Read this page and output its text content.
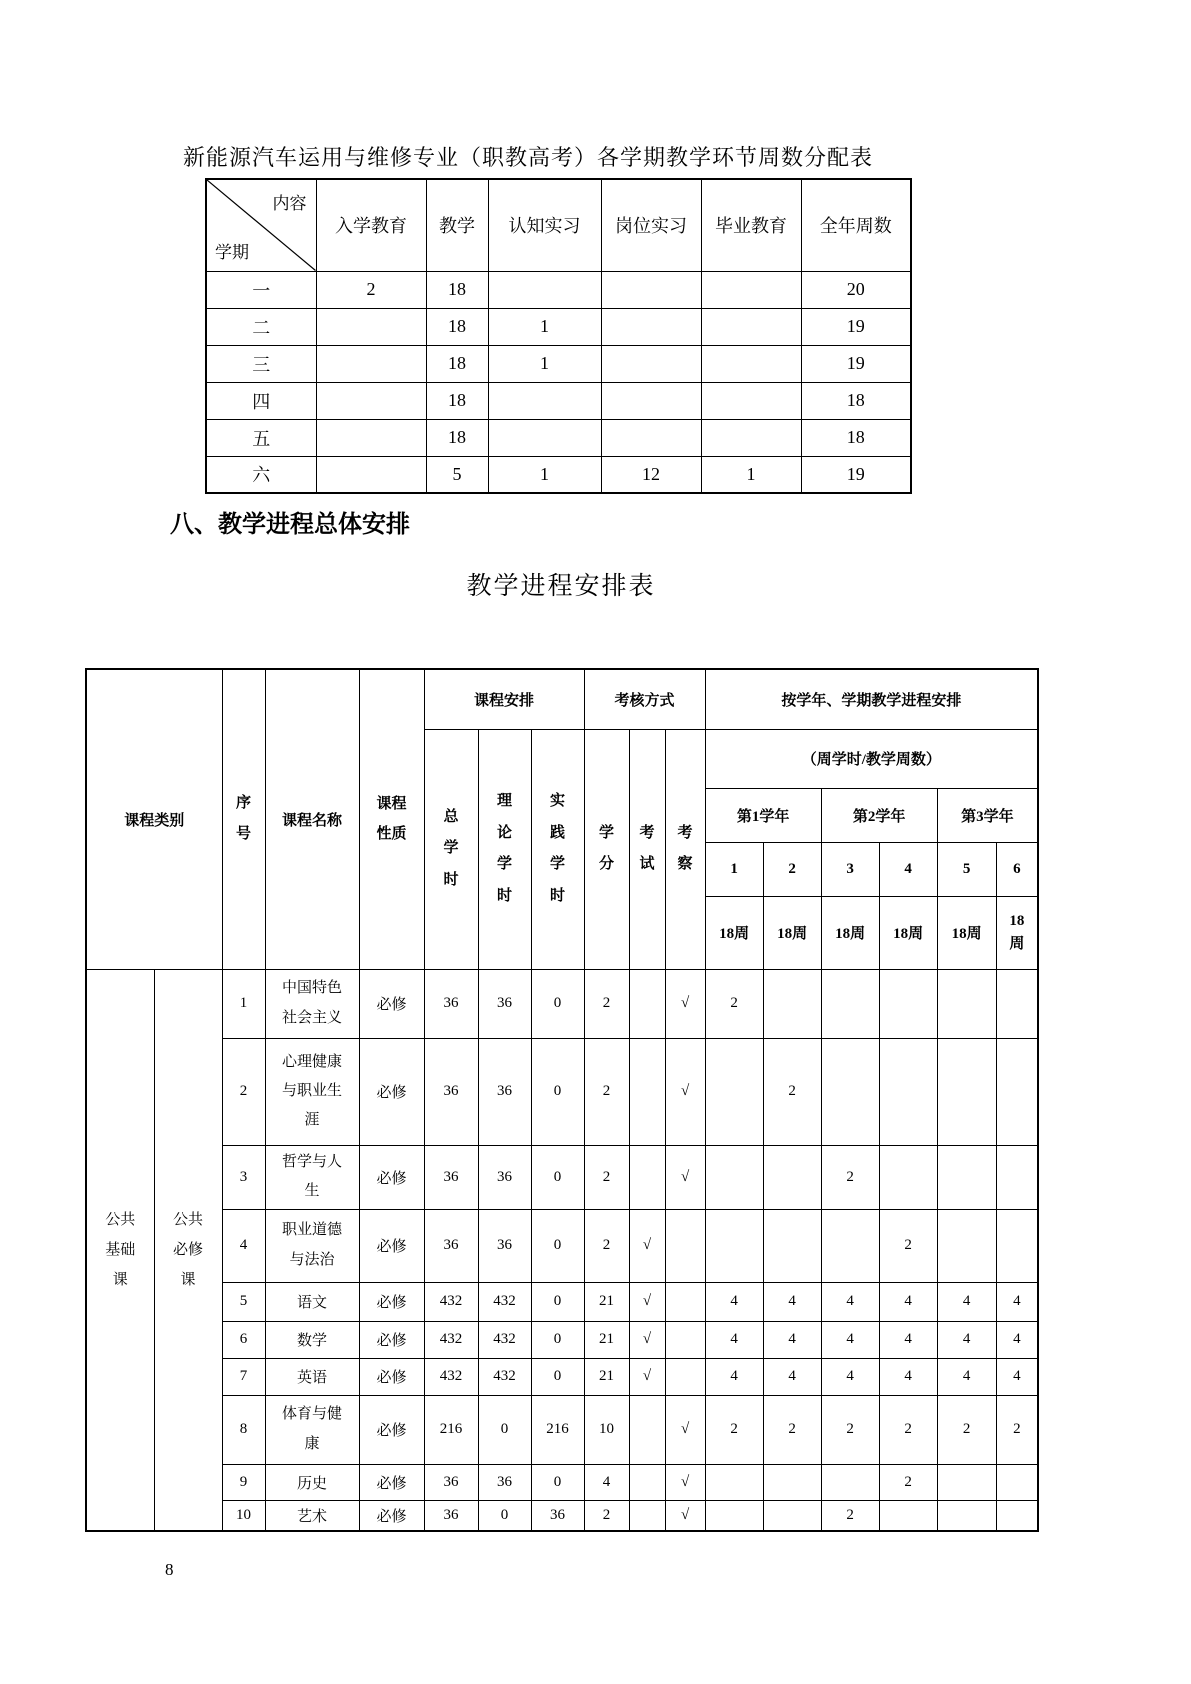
新能源汽车运用与维修专业（职教高考）各学期教学环节周数分配表
内容
学期	入学教育	教学	认知实习	岗位实习	毕业教育	全年周数
一	2	18				20
二		18	1			19
三		18	1			19
四		18				18
五		18				18
六		5	1	12	1	19
八、教学进程总体安排
教学进程安排表
课程类别		序号	课程名称	课程性质	课程安排			考核方式			按学年、学期教学进程安排					

					总学时	理论学时	实践学时	学分	考试	考察	（周学时/教学周数）					
											第1学年		第2学年		第3学年	
											1	2	3	4	5	6
											18周	18周	18周	18周	18周	18周

公共基础课	公共必修课	1	中国特色社会主义	必修	36	36	0	2		√	2					
		2	心理健康与职业生涯	必修	36	36	0	2		√		2				
		3	哲学与人生	必修	36	36	0	2		√			2			
		4	职业道德与法治	必修	36	36	0	2	√					2		
		5	语文	必修	432	432	0	21	√		4	4	4	4	4	4
		6	数学	必修	432	432	0	21	√		4	4	4	4	4	4
		7	英语	必修	432	432	0	21	√		4	4	4	4	4	4
		8	体育与健康	必修	216	0	216	10		√	2	2	2	2	2	2
		9	历史	必修	36	36	0	4		√				2		
		10	艺术	必修	36	0	36	2		√			2			
8
